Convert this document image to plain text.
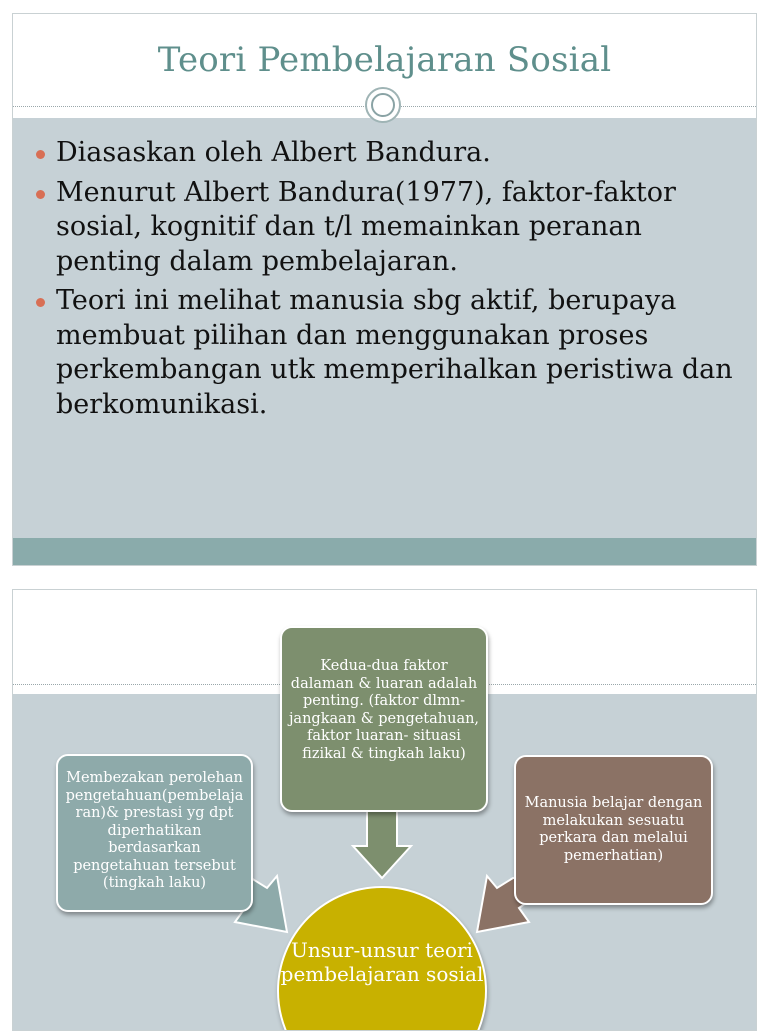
Teori Pembelajaran Sosial
Diasaskan oleh Albert Bandura.
Menurut Albert Bandura(1977), faktor-faktor sosial, kognitif dan t/l memainkan peranan penting dalam pembelajaran.
Teori ini melihat manusia sbg aktif, berupaya membuat pilihan dan menggunakan proses perkembangan utk memperihalkan peristiwa dan berkomunikasi.
Kedua-dua faktor dalaman & luaran adalah penting. (faktor dlmn- jangkaan & pengetahuan, faktor luaran- situasi fizikal & tingkah laku)
Membezakan perolehan pengetahuan(pembelaja ran)& prestasi yg dpt diperhatikan berdasarkan pengetahuan tersebut (tingkah laku)
Manusia belajar dengan melakukan sesuatu perkara dan melalui pemerhatian)
Unsur-unsur teori pembelajaran sosial
